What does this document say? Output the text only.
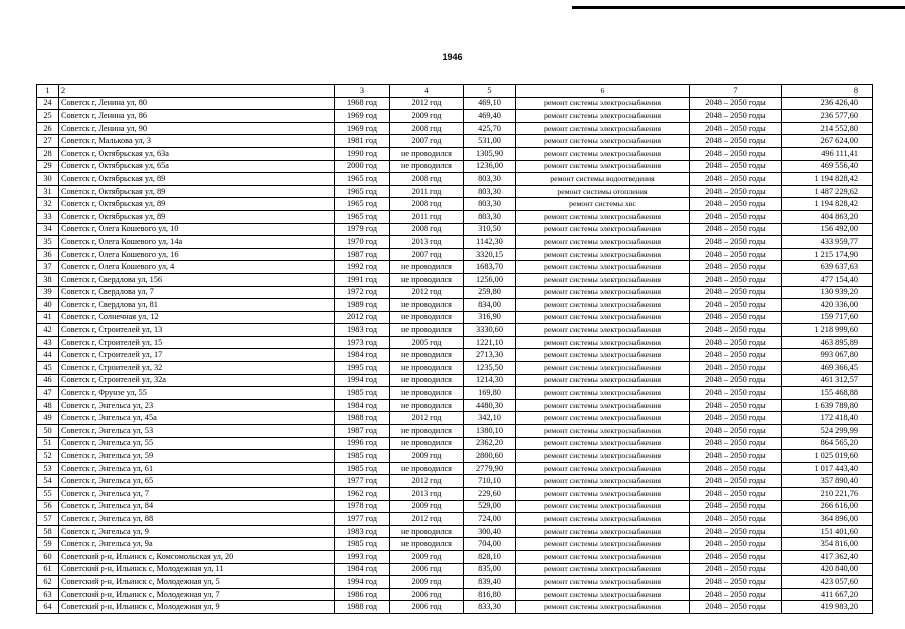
1946
1	2	3	4	5	6	7	8
24	Советск г, Ленина ул, 80	1968 год	2012 год	469,10	ремонт системы электроснабжения	2048 – 2050 годы	236 426,40
25	Советск г, Ленина ул, 86	1969 год	2009 год	469,40	ремонт системы электроснабжения	2048 – 2050 годы	236 577,60
26	Советск г, Ленина ул, 90	1969 год	2008 год	425,70	ремонт системы электроснабжения	2048 – 2050 годы	214 552,80
27	Советск г, Малькова ул, 3	1981 год	2007 год	531,00	ремонт системы электроснабжения	2048 – 2050 годы	267 624,00
28	Советск г, Октябрьская ул, 63а	1990 год	не проводился	1305,90	ремонт системы электроснабжения	2048 – 2050 годы	496 111,41
29	Советск г, Октябрьская ул, 65а	2000 год	не проводился	1236,00	ремонт системы электроснабжения	2048 – 2050 годы	469 556,40
30	Советск г, Октябрьская ул, 89	1965 год	2008 год	803,30	ремонт системы водоотведения	2048 – 2050 годы	1 194 828,42
31	Советск г, Октябрьская ул, 89	1965 год	2011 год	803,30	ремонт системы отопления	2048 – 2050 годы	1 487 229,62
32	Советск г, Октябрьская ул, 89	1965 год	2008 год	803,30	ремонт системы хвс	2048 – 2050 годы	1 194 828,42
33	Советск г, Октябрьская ул, 89	1965 год	2011 год	803,30	ремонт системы электроснабжения	2048 – 2050 годы	404 863,20
34	Советск г, Олега Кошевого ул, 10	1979 год	2008 год	310,50	ремонт системы электроснабжения	2048 – 2050 годы	156 492,00
35	Советск г, Олега Кошевого ул, 14а	1970 год	2013 год	1142,30	ремонт системы электроснабжения	2048 – 2050 годы	433 959,77
36	Советск г, Олега Кошевого ул, 16	1987 год	2007 год	3320,15	ремонт системы электроснабжения	2048 – 2050 годы	1 215 174,90
37	Советск г, Олега Кошевого ул, 4	1992 год	не проводился	1683,70	ремонт системы электроснабжения	2048 – 2050 годы	639 637,63
38	Советск г, Свердлова ул, 156	1991 год	не проводился	1256,00	ремонт системы электроснабжения	2048 – 2050 годы	477 154,40
39	Советск г, Свердлова ул, 7	1972 год	2012 год	259,80	ремонт системы электроснабжения	2048 – 2050 годы	130 939,20
40	Советск г, Свердлова ул, 81	1989 год	не проводился	834,00	ремонт системы электроснабжения	2048 – 2050 годы	420 336,00
41	Советск г, Солнечная ул, 12	2012 год	не проводился	316,90	ремонт системы электроснабжения	2048 – 2050 годы	159 717,60
42	Советск г, Строителей ул, 13	1983 год	не проводился	3330,60	ремонт системы электроснабжения	2048 – 2050 годы	1 218 999,60
43	Советск г, Строителей ул, 15	1973 год	2005 год	1221,10	ремонт системы электроснабжения	2048 – 2050 годы	463 895,89
44	Советск г, Строителей ул, 17	1984 год	не проводился	2713,30	ремонт системы электроснабжения	2048 – 2050 годы	993 067,80
45	Советск г, Строителей ул, 32	1995 год	не проводился	1235,50	ремонт системы электроснабжения	2048 – 2050 годы	469 366,45
46	Советск г, Строителей ул, 32а	1994 год	не проводился	1214,30	ремонт системы электроснабжения	2048 – 2050 годы	461 312,57
47	Советск г, Фрунзе ул, 55	1985 год	не проводился	169,80	ремонт системы электроснабжения	2048 – 2050 годы	155 468,88
48	Советск г, Энгельса ул, 23	1984 год	не проводился	4480,30	ремонт системы электроснабжения	2048 – 2050 годы	1 639 789,80
49	Советск г, Энгельса ул, 45а	1988 год	2012 год	342,10	ремонт системы электроснабжения	2048 – 2050 годы	172 418,40
50	Советск г, Энгельса ул, 53	1987 год	не проводился	1380,10	ремонт системы электроснабжения	2048 – 2050 годы	524 299,99
51	Советск г, Энгельса ул, 55	1996 год	не проводился	2362,20	ремонт системы электроснабжения	2048 – 2050 годы	864 565,20
52	Советск г, Энгельса ул, 59	1985 год	2009 год	2800,60	ремонт системы электроснабжения	2048 – 2050 годы	1 025 019,60
53	Советск г, Энгельса ул, 61	1985 год	не проводился	2779,90	ремонт системы электроснабжения	2048 – 2050 годы	1 017 443,40
54	Советск г, Энгельса ул, 65	1977 год	2012 год	710,10	ремонт системы электроснабжения	2048 – 2050 годы	357 890,40
55	Советск г, Энгельса ул, 7	1962 год	2013 год	229,60	ремонт системы электроснабжения	2048 – 2050 годы	210 221,76
56	Советск г, Энгельса ул, 84	1978 год	2009 год	529,00	ремонт системы электроснабжения	2048 – 2050 годы	266 616,00
57	Советск г, Энгельса ул, 88	1977 год	2012 год	724,00	ремонт системы электроснабжения	2048 – 2050 годы	364 896,00
58	Советск г, Энгельса ул, 9	1983 год	не проводился	300,40	ремонт системы электроснабжения	2048 – 2050 годы	151 401,60
59	Советск г, Энгельса ул, 9а	1985 год	не проводился	704,00	ремонт системы электроснабжения	2048 – 2050 годы	354 816,00
60	Советский р-н, Ильинск с, Комсомольская ул, 20	1993 год	2009 год	828,10	ремонт системы электроснабжения	2048 – 2050 годы	417 362,40
61	Советский р-н, Ильинск с, Молодежная ул, 11	1984 год	2006 год	835,00	ремонт системы электроснабжения	2048 – 2050 годы	420 840,00
62	Советский р-н, Ильинск с, Молодежная ул, 5	1994 год	2009 год	839,40	ремонт системы электроснабжения	2048 – 2050 годы	423 057,60
63	Советский р-н, Ильинск с, Молодежная ул, 7	1986 год	2006 год	816,80	ремонт системы электроснабжения	2048 – 2050 годы	411 667,20
64	Советский р-н, Ильинск с, Молодежная ул, 9	1988 год	2006 год	833,30	ремонт системы электроснабжения	2048 – 2050 годы	419 983,20
